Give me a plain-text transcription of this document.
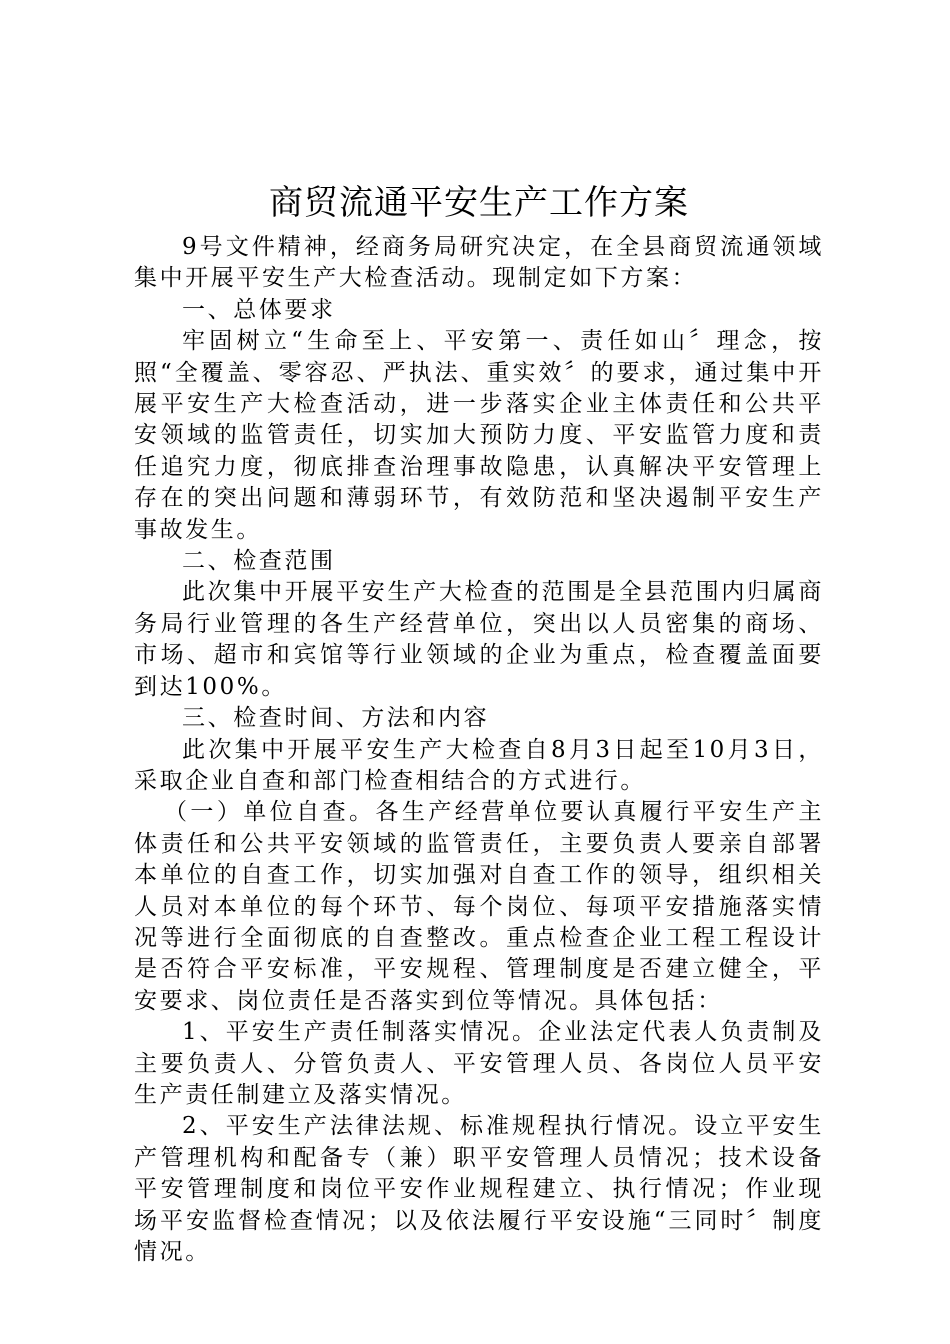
商贸流通平安生产工作方案

9号文件精神，经商务局研究决定，在全县商贸流通领域集中开展平安生产大检查活动。现制定如下方案：

一、总体要求

牢固树立“生命至上、平安第一、责任如山〞理念，按照“全覆盖、零容忍、严执法、重实效〞的要求，通过集中开展平安生产大检查活动，进一步落实企业主体责任和公共平安领域的监管责任，切实加大预防力度、平安监管力度和责任追究力度，彻底排查治理事故隐患，认真解决平安管理上存在的突出问题和薄弱环节，有效防范和坚决遏制平安生产事故发生。

二、检查范围

此次集中开展平安生产大检查的范围是全县范围内归属商务局行业管理的各生产经营单位，突出以人员密集的商场、市场、超市和宾馆等行业领域的企业为重点，检查覆盖面要到达100%。

三、检查时间、方法和内容

此次集中开展平安生产大检查自8月3日起至10月3日，采取企业自查和部门检查相结合的方式进行。

（一）单位自查。各生产经营单位要认真履行平安生产主体责任和公共平安领域的监管责任，主要负责人要亲自部署本单位的自查工作，切实加强对自查工作的领导，组织相关人员对本单位的每个环节、每个岗位、每项平安措施落实情况等进行全面彻底的自查整改。重点检查企业工程工程设计是否符合平安标准，平安规程、管理制度是否建立健全，平安要求、岗位责任是否落实到位等情况。具体包括：

1、平安生产责任制落实情况。企业法定代表人负责制及主要负责人、分管负责人、平安管理人员、各岗位人员平安生产责任制建立及落实情况。

2、平安生产法律法规、标准规程执行情况。设立平安生产管理机构和配备专（兼）职平安管理人员情况；技术设备平安管理制度和岗位平安作业规程建立、执行情况；作业现场平安监督检查情况；以及依法履行平安设施“三同时〞制度情况。
